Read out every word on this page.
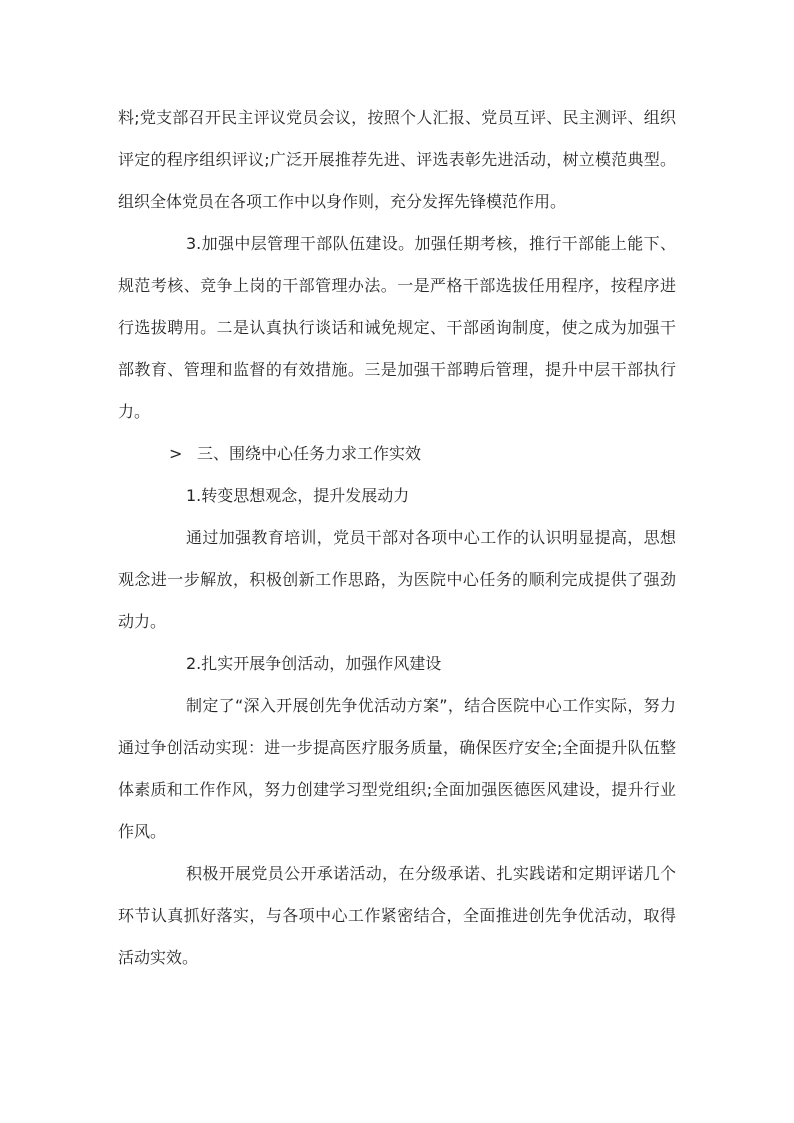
料;党支部召开民主评议党员会议，按照个人汇报、党员互评、民主测评、组织评定的程序组织评议;广泛开展推荐先进、评选表彰先进活动，树立模范典型。组织全体党员在各项工作中以身作则，充分发挥先锋模范作用。

3.加强中层管理干部队伍建设。加强任期考核，推行干部能上能下、规范考核、竞争上岗的干部管理办法。一是严格干部选拔任用程序，按程序进行选拔聘用。二是认真执行谈话和诫免规定、干部函询制度，使之成为加强干部教育、管理和监督的有效措施。三是加强干部聘后管理，提升中层干部执行力。

> 三、围绕中心任务力求工作实效

1.转变思想观念，提升发展动力

通过加强教育培训，党员干部对各项中心工作的认识明显提高，思想观念进一步解放，积极创新工作思路，为医院中心任务的顺利完成提供了强劲动力。

2.扎实开展争创活动，加强作风建设

制定了“深入开展创先争优活动方案”，结合医院中心工作实际，努力通过争创活动实现：进一步提高医疗服务质量，确保医疗安全;全面提升队伍整体素质和工作作风，努力创建学习型党组织;全面加强医德医风建设，提升行业作风。

积极开展党员公开承诺活动，在分级承诺、扎实践诺和定期评诺几个环节认真抓好落实，与各项中心工作紧密结合，全面推进创先争优活动，取得活动实效。
